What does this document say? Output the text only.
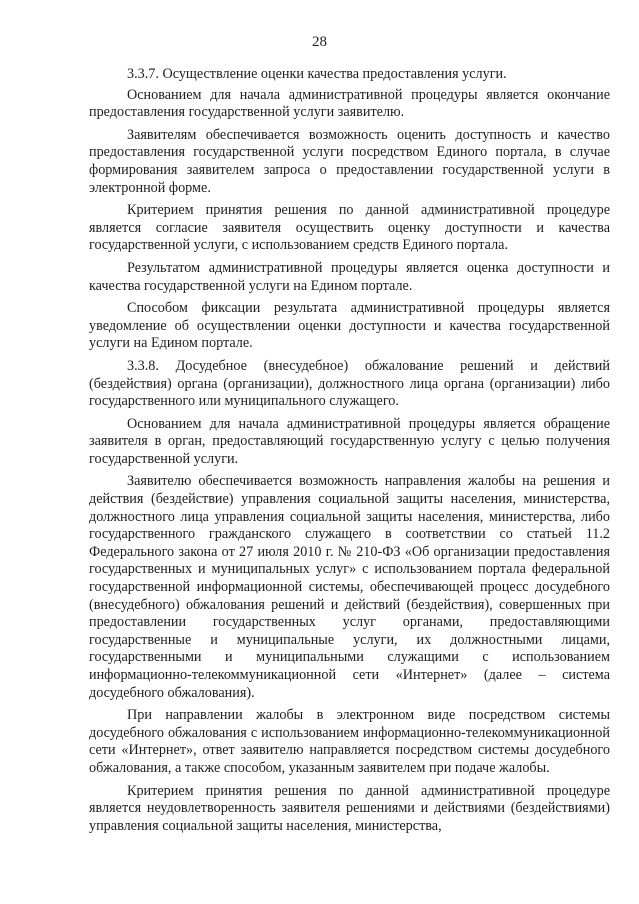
28

3.3.7. Осуществление оценки качества предоставления услуги.

Основанием для начала административной процедуры является окончание предоставления государственной услуги заявителю.

Заявителям обеспечивается возможность оценить доступность и качество предоставления государственной услуги посредством Единого портала, в случае формирования заявителем запроса о предоставлении государственной услуги в электронной форме.

Критерием принятия решения по данной административной процедуре является согласие заявителя осуществить оценку доступности и качества государственной услуги, с использованием средств Единого портала.

Результатом административной процедуры является оценка доступности и качества государственной услуги на Едином портале.

Способом фиксации результата административной процедуры является уведомление об осуществлении оценки доступности и качества государственной услуги на Едином портале.

3.3.8. Досудебное (внесудебное) обжалование решений и действий (бездействия) органа (организации), должностного лица органа (организации) либо государственного или муниципального служащего.

Основанием для начала административной процедуры является обращение заявителя в орган, предоставляющий государственную услугу с целью получения государственной услуги.

Заявителю обеспечивается возможность направления жалобы на решения и действия (бездействие) управления социальной защиты населения, министерства, должностного лица управления социальной защиты населения, министерства, либо государственного гражданского служащего в соответствии со статьей 11.2 Федерального закона от 27 июля 2010 г. № 210-ФЗ «Об организации предоставления государственных и муниципальных услуг» с использованием портала федеральной государственной информационной системы, обеспечивающей процесс досудебного (внесудебного) обжалования решений и действий (бездействия), совершенных при предоставлении государственных услуг органами, предоставляющими государственные и муниципальные услуги, их должностными лицами, государственными и муниципальными служащими с использованием информационно-телекоммуникационной сети «Интернет» (далее – система досудебного обжалования).

При направлении жалобы в электронном виде посредством системы досудебного обжалования с использованием информационно-телекоммуникационной сети «Интернет», ответ заявителю направляется посредством системы досудебного обжалования, а также способом, указанным заявителем при подаче жалобы.

Критерием принятия решения по данной административной процедуре является неудовлетворенность заявителя решениями и действиями (бездействиями) управления социальной защиты населения, министерства,
